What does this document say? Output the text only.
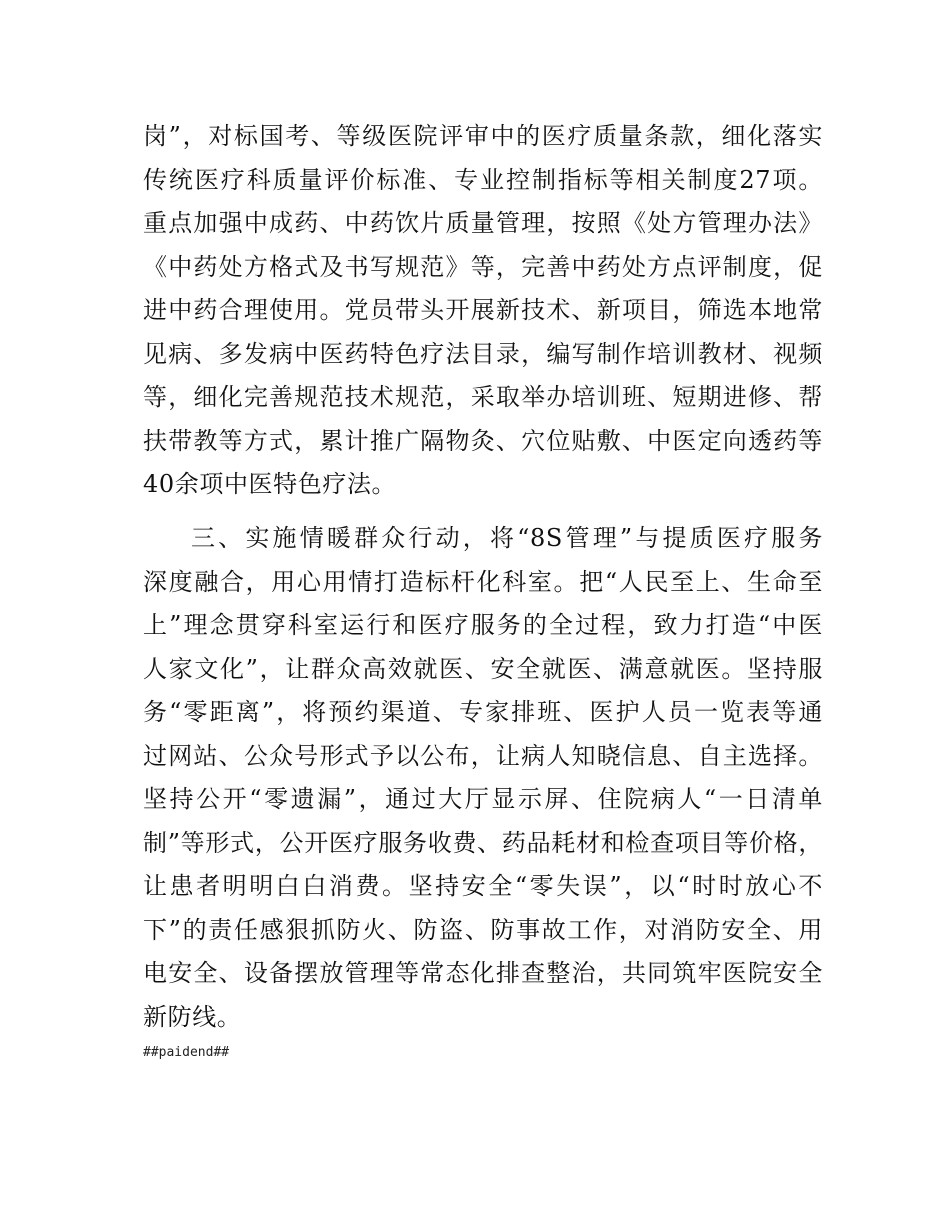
岗”，对标国考、等级医院评审中的医疗质量条款，细化落实
传统医疗科质量评价标准、专业控制指标等相关制度27项。
重点加强中成药、中药饮片质量管理，按照《处方管理办法》
《中药处方格式及书写规范》等，完善中药处方点评制度，促
进中药合理使用。党员带头开展新技术、新项目，筛选本地常
见病、多发病中医药特色疗法目录，编写制作培训教材、视频
等，细化完善规范技术规范，采取举办培训班、短期进修、帮
扶带教等方式，累计推广隔物灸、穴位贴敷、中医定向透药等
40余项中医特色疗法。
三、实施情暖群众行动，将“8S管理”与提质医疗服务
深度融合，用心用情打造标杆化科室。把“人民至上、生命至
上”理念贯穿科室运行和医疗服务的全过程，致力打造“中医
人家文化”，让群众高效就医、安全就医、满意就医。坚持服
务“零距离”，将预约渠道、专家排班、医护人员一览表等通
过网站、公众号形式予以公布，让病人知晓信息、自主选择。
坚持公开“零遗漏”，通过大厅显示屏、住院病人“一日清单
制”等形式，公开医疗服务收费、药品耗材和检查项目等价格，
让患者明明白白消费。坚持安全“零失误”，以“时时放心不
下”的责任感狠抓防火、防盗、防事故工作，对消防安全、用
电安全、设备摆放管理等常态化排查整治，共同筑牢医院安全
新防线。
##paidend##
